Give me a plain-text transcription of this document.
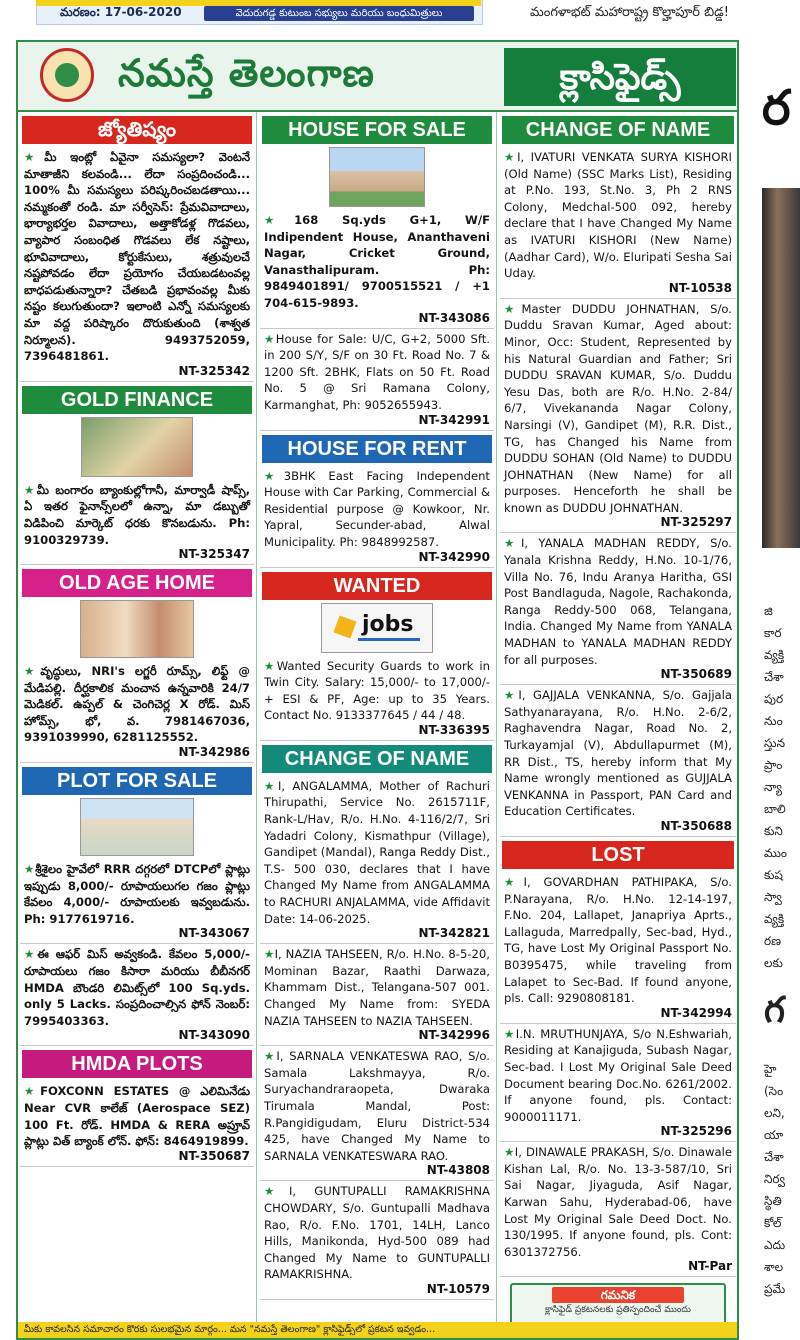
మరణం: 17-06-2020	వెదురుగడ్డ కుటుంబ సభ్యులు మరియు బంధుమిత్రులు	మంగళాభట్ మహారాష్ట్ర కొల్హాపూర్ బిడ్డ!
నమస్తే తెలంగాణ	క్లాసిఫైడ్స్
జ్యోతిష్యం
★మీ ఇంట్లో ఏవైనా సమస్యలా? వెంటనే మాతాజీని కలవండి... లేదా సంప్రదించండి... 100% మీ సమస్యలు పరిష్కరించబడతాయి... నమ్మకంతో రండి. మా సర్వీసెస్: ప్రేమవివాదాలు, భార్యాభర్తల వివాదాలు, అత్తాకోడళ్ల గొడవలు, వ్యాపార సంబంధిత గొడవలు లేక నష్టాలు, భూవివాదాలు, కోర్టుకేసులు, శత్రువులచే నష్టపోవడం లేదా ప్రయోగం చేయబడటంవల్ల బాధపడుతున్నారా? చేతబడి ప్రభావంవల్ల మీకు నష్టం కలుగుతుందా? ఇలాంటి ఎన్నో సమస్యలకు మా వద్ద పరిష్కారం దొరుకుతుంది (శాశ్వత నిర్మూలన). 9493752059, 7396481861.
NT-325342
GOLD FINANCE
★మీ బంగారం బ్యాంకుల్లోగానీ, మార్వాడీ షాప్స్, ఏ ఇతర ఫైనాన్స్‌లలో ఉన్నా, మా డబ్బుతో విడిపించి మార్కెట్ ధరకు కొనబడును. Ph: 9100329739.
NT-325347
OLD AGE HOME
★వృద్ధులు, NRI's లగ్జరీ రూమ్స్, లిఫ్ట్ @ మేడిపల్లి. దీర్ఘకాలిక మంచాన ఉన్నవారికి 24/7 మెడికల్. ఉప్పల్ & చెంగిచెర్ల X రోడ్. మిస్ హోమ్స్, భో, వ. 7981467036, 9391039990, 6281125552.
NT-342986
PLOT FOR SALE
★శ్రీశైలం హైవేలో RRR దగ్గరలో DTCPలో ప్లాట్లు ఇప్పుడు 8,000/- రూపాయలుగల గజం ప్లాట్లు కేవలం 4,000/- రూపాయలకు ఇవ్వబడును. Ph: 9177619716.
NT-343067
★ఈ ఆఫర్ మిస్ అవ్వకండి. కేవలం 5,000/- రూపాయలు గజం కిసారా మరియు బీబీనగర్ HMDA బౌండరి లిమిట్స్‌లో 100 Sq.yds. only 5 Lacks. సంప్రదించాల్సిన ఫోన్ నెంబర్: 7995403363.
NT-343090
HMDA PLOTS
★FOXCONN ESTATES @ ఎలిమినేడు Near CVR కాలేజ్ (Aerospace SEZ) 100 Ft. రోడ్. HMDA & RERA అప్రూవ్ ప్లాట్లు విత్ బ్యాంక్ లోన్. ఫోన్: 8464919899.
NT-350687
HOUSE FOR SALE
★168 Sq.yds G+1, W/F Indipendent House, Ananthaveni Nagar, Cricket Ground, Vanasthalipuram. Ph: 9849401891/ 9700515521 / +1 704-615-9893.
NT-343086
★House for Sale: U/C, G+2, 5000 Sft. in 200 S/Y, S/F on 30 Ft. Road No. 7 & 1200 Sft. 2BHK, Flats on 50 Ft. Road No. 5 @ Sri Ramana Colony, Karmanghat, Ph: 9052655943.
NT-342991
HOUSE FOR RENT
★3BHK East Facing Independent House with Car Parking, Commercial & Residential purpose @ Kowkoor, Nr. Yapral, Secunder-abad, Alwal Municipality. Ph: 9848992587.
NT-342990
WANTED
jobs
★Wanted Security Guards to work in Twin City. Salary: 15,000/- to 17,000/- + ESI & PF, Age: up to 35 Years. Contact No. 9133377645 / 44 / 48.
NT-336395
CHANGE OF NAME
★I, ANGALAMMA, Mother of Rachuri Thirupathi, Service No. 2615711F, Rank-L/Hav, R/o. H.No. 4-116/2/7, Sri Yadadri Colony, Kismathpur (Village), Gandipet (Mandal), Ranga Reddy Dist., T.S- 500 030, declares that I have Changed My Name from ANGALAMMA to RACHURI ANJALAMMA, vide Affidavit Date: 14-06-2025.
NT-342821
★I, NAZIA TAHSEEN, R/o. H.No. 8-5-20, Mominan Bazar, Raathi Darwaza, Khammam Dist., Telangana-507 001. Changed My Name from: SYEDA NAZIA TAHSEEN to NAZIA TAHSEEN.
NT-342996
★I, SARNALA VENKATESWA RAO, S/o. Samala Lakshmayya, R/o. Suryachandraraopeta, Dwaraka Tirumala Mandal, Post: R.Pangidigudam, Eluru District-534 425, have Changed My Name to SARNALA VENKATESWARA RAO.
NT-43808
★I, GUNTUPALLI RAMAKRISHNA CHOWDARY, S/o. Guntupalli Madhava Rao, R/o. F.No. 1701, 14LH, Lanco Hills, Manikonda, Hyd-500 089 had Changed My Name to GUNTUPALLI RAMAKRISHNA.
NT-10579
CHANGE OF NAME
★I, IVATURI VENKATA SURYA KISHORI (Old Name) (SSC Marks List), Residing at P.No. 193, St.No. 3, Ph 2 RNS Colony, Medchal-500 092, hereby declare that I have Changed My Name as IVATURI KISHORI (New Name) (Aadhar Card), W/o. Eluripati Sesha Sai Uday.
NT-10538
★Master DUDDU JOHNATHAN, S/o. Duddu Sravan Kumar, Aged about: Minor, Occ: Student, Represented by his Natural Guardian and Father; Sri DUDDU SRAVAN KUMAR, S/o. Duddu Yesu Das, both are R/o. H.No. 2-84/ 6/7, Vivekananda Nagar Colony, Narsingi (V), Gandipet (M), R.R. Dist., TG, has Changed his Name from DUDDU SOHAN (Old Name) to DUDDU JOHNATHAN (New Name) for all purposes. Henceforth he shall be known as DUDDU JOHNATHAN.
NT-325297
★I, YANALA MADHAN REDDY, S/o. Yanala Krishna Reddy, H.No. 10-1/76, Villa No. 76, Indu Aranya Haritha, GSI Post Bandlaguda, Nagole, Rachakonda, Ranga Reddy-500 068, Telangana, India. Changed My Name from YANALA MADHAN to YANALA MADHAN REDDY for all purposes.
NT-350689
★I, GAJJALA VENKANNA, S/o. Gajjala Sathyanarayana, R/o. H.No. 2-6/2, Raghavendra Nagar, Road No. 2, Turkayamjal (V), Abdullapurmet (M), RR Dist., TS, hereby inform that My Name wrongly mentioned as GUJJALA VENKANNA in Passport, PAN Card and Education Certificates.
NT-350688
LOST
★I, GOVARDHAN PATHIPAKA, S/o. P.Narayana, R/o. H.No. 12-14-197, F.No. 204, Lallapet, Janapriya Aprts., Lallaguda, Marredpally, Sec-bad, Hyd., TG, have Lost My Original Passport No. B0395475, while traveling from Lalapet to Sec-Bad. If found anyone, pls. Call: 9290808181.
NT-342994
★I.N. MRUTHUNJAYA, S/o N.Eshwariah, Residing at Kanajiguda, Subash Nagar, Sec-bad. I Lost My Original Sale Deed Document bearing Doc.No. 6261/2002. If anyone found, pls. Contact: 9000011171.
NT-325296
★I, DINAWALE PRAKASH, S/o. Dinawale Kishan Lal, R/o. No. 13-3-587/10, Sri Sai Nagar, Jiyaguda, Asif Nagar, Karwan Sahu, Hyderabad-06, have Lost My Original Sale Deed Doct. No. 130/1995. If anyone found, pls. Cont: 6301372756.
NT-Par
గమనిక
క్లాసిఫైడ్ ప్రకటనలకు ప్రతిస్పందించే ముందు
మీకు కావలసిన సమాచారం కొరకు సులభమైన మార్గం... మన "నమస్తే తెలంగాణ" క్లాసిఫైడ్స్‌లో ప్రకటన ఇవ్వడం...
ర
జి
కార
వ్యక్తి
చేశా
పుర
నుం
స్తున
ప్రాం
న్యా
బాలి
కుని
ముం
కుష
స్వా
వ్యక్తి
రణ
లకు
గ
హై
(సెం
లని,
యా
చేశా
నిర్వ
స్థితి
కోల్
ఎదు
శాల
ప్రమే
